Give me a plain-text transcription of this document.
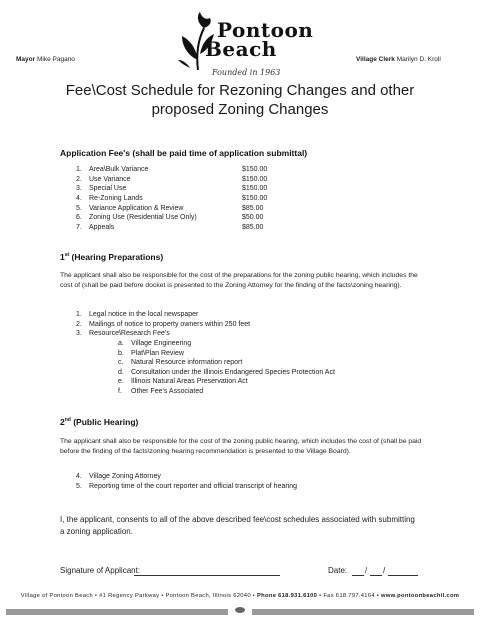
Mayor Mike Pagano
Pontoon
Beach
Founded in 1963
Village Clerk Marilyn D. Kroll
Fee\Cost Schedule for Rezoning Changes and other
proposed Zoning Changes
Application Fee's (shall be paid time of application submittal)
1. Area\Bulk Variance	$150.00
2. Use Variance	$150.00
3. Special Use	$150.00
4. Re-Zoning Lands	$150.00
5. Variance Application & Review	$85.00
6. Zoning Use (Residential Use Only)	$50.00
7. Appeals	$85.00
1st (Hearing Preparations)
The applicant shall also be responsible for the cost of the preparations for the zoning public hearing, which includes the cost of (shall be paid before docket is presented to the Zoning Attorney for the finding of the facts\zoning hearing).
1. Legal notice in the local newspaper
2. Mailings of notice to property owners within 250 feet
3. Resource\Research Fee's
a. Village Engineering
b. Plat\Plan Review
c. Natural Resource information report
d. Consultation under the Illinois Endangered Species Protection Act
e. Illinois Natural Areas Preservation Act
f. Other Fee's Associated
2nd (Public Hearing)
The applicant shall also be responsible for the cost of the zoning public hearing, which includes the cost of (shall be paid before the finding of the facts\zoning hearing recommendation is presented to the Village Board).
4. Village Zoning Attorney
5. Reporting time of the court reporter and official transcript of hearing
I, the applicant, consents to all of the above described fee\cost schedules associated with submitting a zoning application.
Signature of Applicant:	Date: / /
Village of Pontoon Beach • #1 Regency Parkway • Pontoon Beach, Illinois 62040 • Phone 618.931.6100 • Fax 618.797.4164 • www.pontoonbeachil.com
